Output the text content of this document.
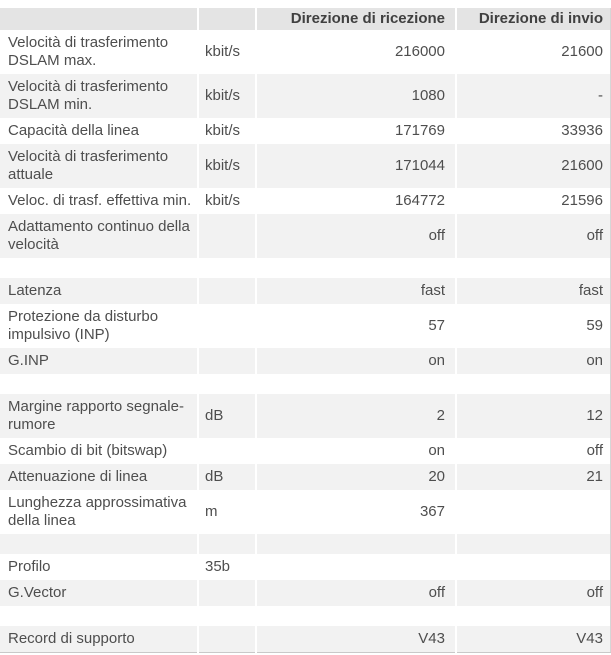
		Direzione di ricezione	Direzione di invio
Velocità di trasferimento DSLAM max.	kbit/s	216000	21600
Velocità di trasferimento DSLAM min.	kbit/s	1080	-
Capacità della linea	kbit/s	171769	33936
Velocità di trasferimento attuale	kbit/s	171044	21600
Veloc. di trasf. effettiva min.	kbit/s	164772	21596
Adattamento continuo della velocità		off	off

Latenza		fast	fast
Protezione da disturbo impulsivo (INP)		57	59
G.INP		on	on

Margine rapporto segnale-rumore	dB	2	12
Scambio di bit (bitswap)		on	off
Attenuazione di linea	dB	20	21
Lunghezza approssimativa della linea	m	367	

Profilo	35b		
G.Vector		off	off

Record di supporto		V43	V43
